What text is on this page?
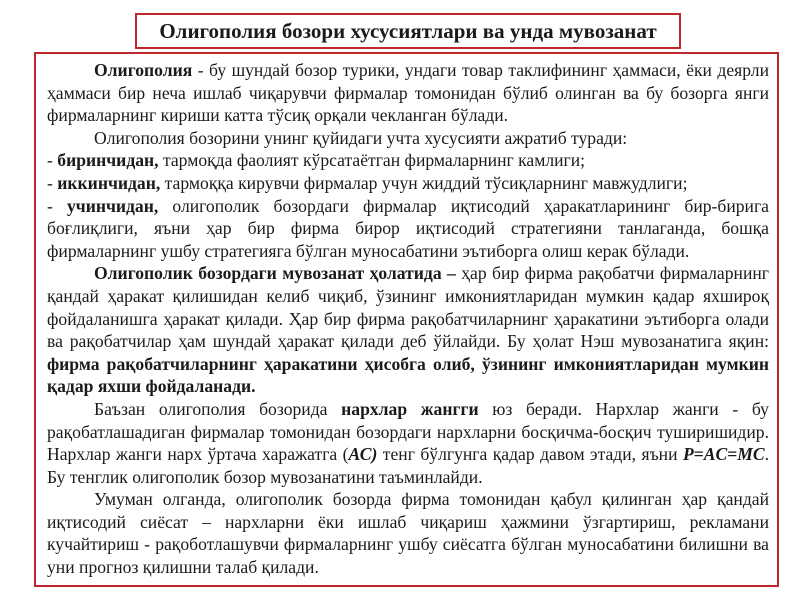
Олигополия бозори хусусиятлари ва унда мувозанат

Олигополия - бу шундай бозор турики, ундаги товар таклифининг ҳаммаси, ёки деярли ҳаммаси бир неча ишлаб чиқарувчи фирмалар томонидан бўлиб олинган ва бу бозорга янги фирмаларнинг кириши катта тўсиқ орқали чекланган бўлади.

Олигополия бозорини унинг қуйидаги учта хусусияти ажратиб туради:

- биринчидан, тармоқда фаолият кўрсатаётган фирмаларнинг камлиги;

- иккинчидан, тармоққа кирувчи фирмалар учун жиддий тўсиқларнинг мавжудлиги;

- учинчидан, олигополик бозордаги фирмалар иқтисодий ҳаракатларининг бир-бирига боғлиқлиги, яъни ҳар бир фирма бирор иқтисодий стратегияни танлаганда, бошқа фирмаларнинг ушбу стратегияга бўлган муносабатини эътиборга олиш керак бўлади.

Олигополик бозордаги мувозанат ҳолатида – ҳар бир фирма рақобатчи фирмаларнинг қандай ҳаракат қилишидан келиб чиқиб, ўзининг имкониятларидан мумкин қадар яхшироқ фойдаланишга ҳаракат қилади. Ҳар бир фирма рақобатчиларнинг ҳаракатини эътиборга олади ва рақобатчилар ҳам шундай ҳаракат қилади деб ўйлайди. Бу ҳолат Нэш мувозанатига яқин: фирма рақобатчиларнинг ҳаракатини ҳисобга олиб, ўзининг имкониятларидан мумкин қадар яхши фойдаланади.

Баъзан олигополия бозорида нархлар жангги юз беради. Нархлар жанги - бу рақобатлашадиган фирмалар томонидан бозордаги нархларни босқичма-босқич туширишидир. Нархлар жанги нарх ўртача харажатга (АС) тенг бўлгунга қадар давом этади, яъни P=AC=MC. Бу тенглик олигополик бозор мувозанатини таъминлайди.

Умуман олганда, олигополик бозорда фирма томонидан қабул қилинган ҳар қандай иқтисодий сиёсат – нархларни ёки ишлаб чиқариш ҳажмини ўзгартириш, рекламани кучайтириш - рақоботлашувчи фирмаларнинг ушбу сиёсатга бўлган муносабатини билишни ва уни прогноз қилишни талаб қилади.
